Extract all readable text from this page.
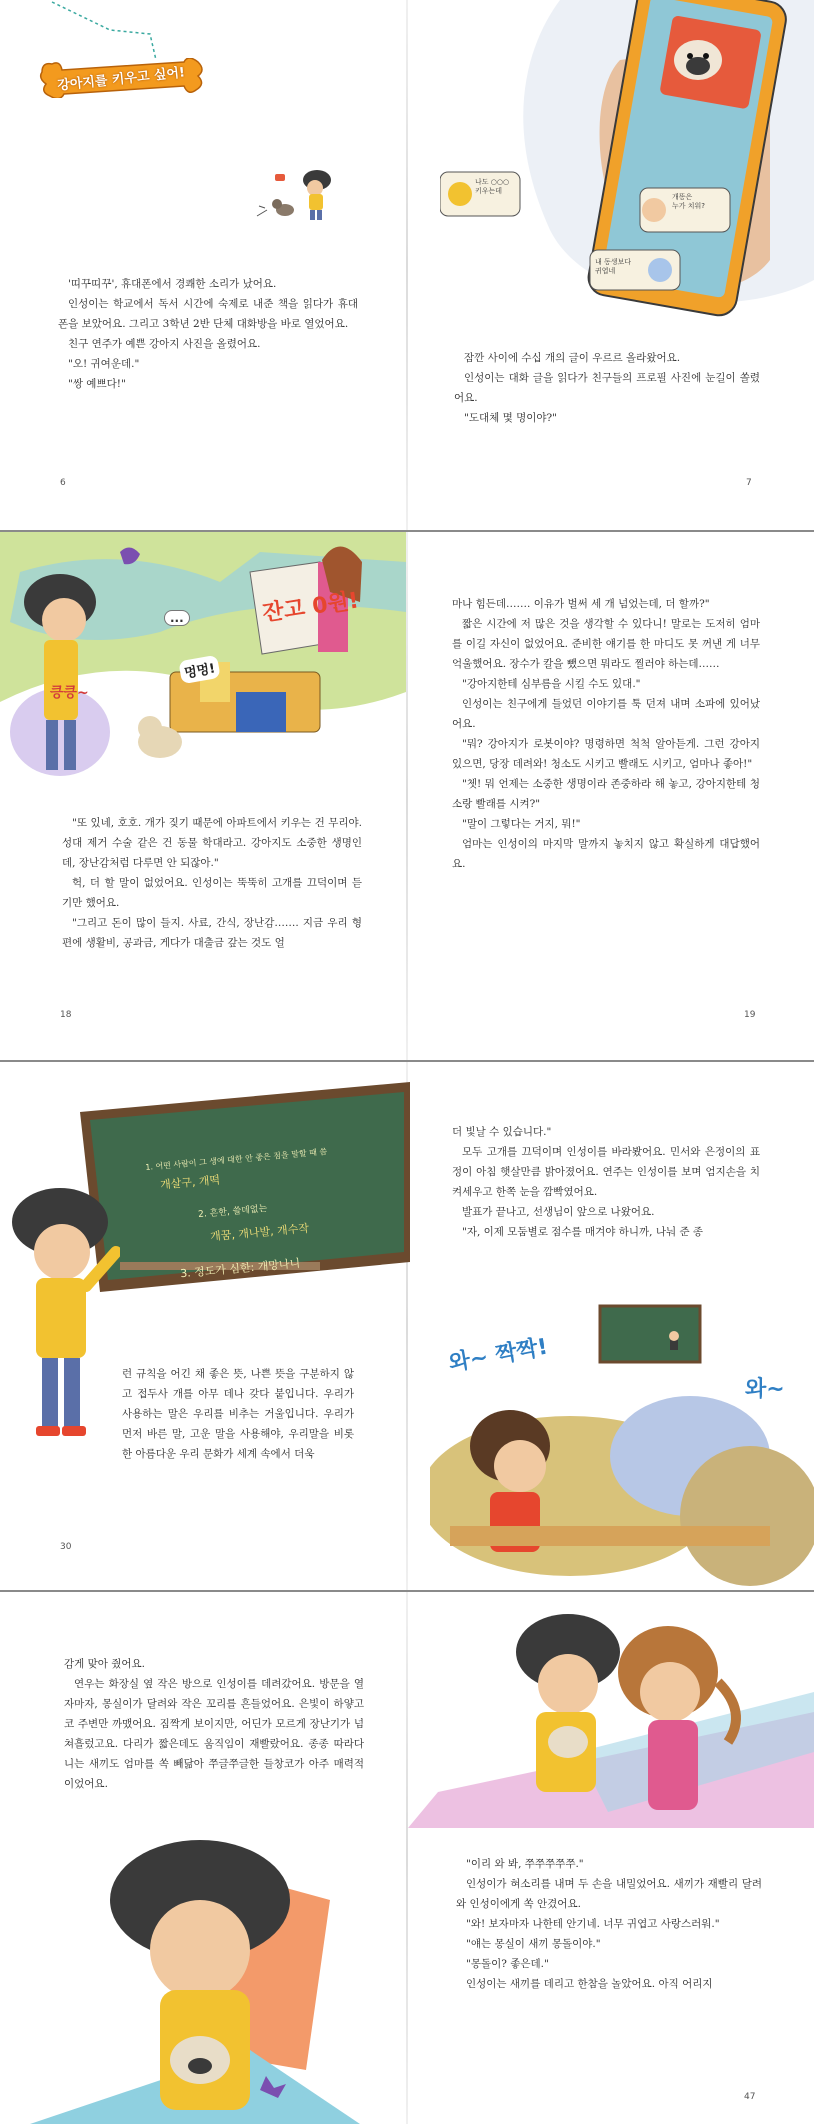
강아지를 키우고 싶어!

'띠꾸띠꾸', 휴대폰에서 경쾌한 소리가 났어요.

인성이는 학교에서 독서 시간에 숙제로 내준 책을 읽다가 휴대폰을 보았어요. 그리고 3학년 2반 단체 대화방을 바로 열었어요.

친구 연주가 예쁜 강아지 사진을 올렸어요.

"오! 귀여운데."

"쌍 예쁘다!"

6
나도 ○○○
키우는데
개똥은
누가 치워?
내 동생보다
귀엽네

잠깐 사이에 수십 개의 글이 우르르 올라왔어요.

인성이는 대화 글을 읽다가 친구들의 프로필 사진에 눈길이 쏠렸어요.

"도대체 몇 명이야?"

7
잔고 0원!
킁킁~
멍멍!
...

"또 있네, 호호. 개가 짖기 때문에 아파트에서 키우는 건 무리야. 성대 제거 수술 같은 건 동물 학대라고. 강아지도 소중한 생명인데, 장난감처럼 다루면 안 되잖아."

헉, 더 할 말이 없었어요. 인성이는 뚝뚝히 고개를 끄덕이며 듣기만 했어요.

"그리고 돈이 많이 들지. 사료, 간식, 장난감……. 지금 우리 형편에 생활비, 공과금, 게다가 대출금 갚는 것도 얼

18

마나 힘든데……. 이유가 벌써 세 개 넘었는데, 더 할까?"

짧은 시간에 저 많은 것을 생각할 수 있다니! 말로는 도저히 엄마를 이길 자신이 없었어요. 준비한 얘기를 한 마디도 못 꺼낸 게 너무 억울했어요. 장수가 칼을 뺐으면 뭐라도 찔러야 하는데……

"강아지한테 심부름을 시킬 수도 있대."

인성이는 친구에게 들었던 이야기를 툭 던져 내며 소파에 있어났어요.

"뭐? 강아지가 로봇이야? 명령하면 척척 알아듣게. 그런 강아지 있으면, 당장 데려와! 청소도 시키고 빨래도 시키고, 엄마나 좋아!"

"쳇! 뭐 언제는 소중한 생명이라 존중하라 해 놓고, 강아지한테 청소랑 빨래를 시켜?"

"말이 그렇다는 거지, 뭐!"

엄마는 인성이의 마지막 말까지 놓치지 않고 확실하게 대답했어요.

19
1. 어떤 사람이 그 생에 대한 안 좋은 점을 말할 때 씀
개살구, 개떡
2. 흔한, 쓸데없는
개꿈, 개나발, 개수작
3. 정도가 심한: 개망나니

런 규칙을 어긴 채 좋은 뜻, 나쁜 뜻을 구분하지 않고 접두사 개를 아무 데나 갖다 붙입니다. 우리가 사용하는 말은 우리를 비추는 거울입니다. 우리가 먼저 바른 말, 고운 말을 사용해야, 우리말을 비롯한 아름다운 우리 문화가 세계 속에서 더욱

30

더 빛날 수 있습니다."

모두 고개를 끄덕이며 인성이를 바라봤어요. 민서와 은정이의 표정이 아침 햇살만큼 밝아졌어요. 연주는 인성이를 보며 엄지손을 치켜세우고 한쪽 눈을 깜빡였어요.

발표가 끝나고, 선생님이 앞으로 나왔어요.

"자, 이제 모둠별로 점수를 매겨야 하니까, 나눠 준 종

와~ 짝짝!
와~

감게 맞아 줬어요.

연우는 화장실 옆 작은 방으로 인성이를 데려갔어요. 방문을 열자마자, 몽실이가 달려와 작은 꼬리를 흔들었어요. 은빛이 하얗고 코 주변만 까맸어요. 짐짝게 보이지만, 어딘가 모르게 장난기가 넘쳐흘렀고요. 다리가 짧은데도 움직임이 재빨랐어요. 종종 따라다니는 새끼도 엄마를 쏙 빼닮아 쭈글쭈글한 들창코가 아주 매력적이었어요.

"이리 와 봐, 쭈쭈쭈쭈쭈."

인성이가 혀소리를 내며 두 손을 내밀었어요. 새끼가 재빨리 달려와 인성이에게 쏙 안겼어요.

"와! 보자마자 나한테 안기네. 너무 귀엽고 사랑스러워."

"얘는 몽실이 새끼 몽돌이야."

"몽돌이? 좋은데."

인성이는 새끼를 데리고 한참을 놀았어요. 아직 어리지

47
